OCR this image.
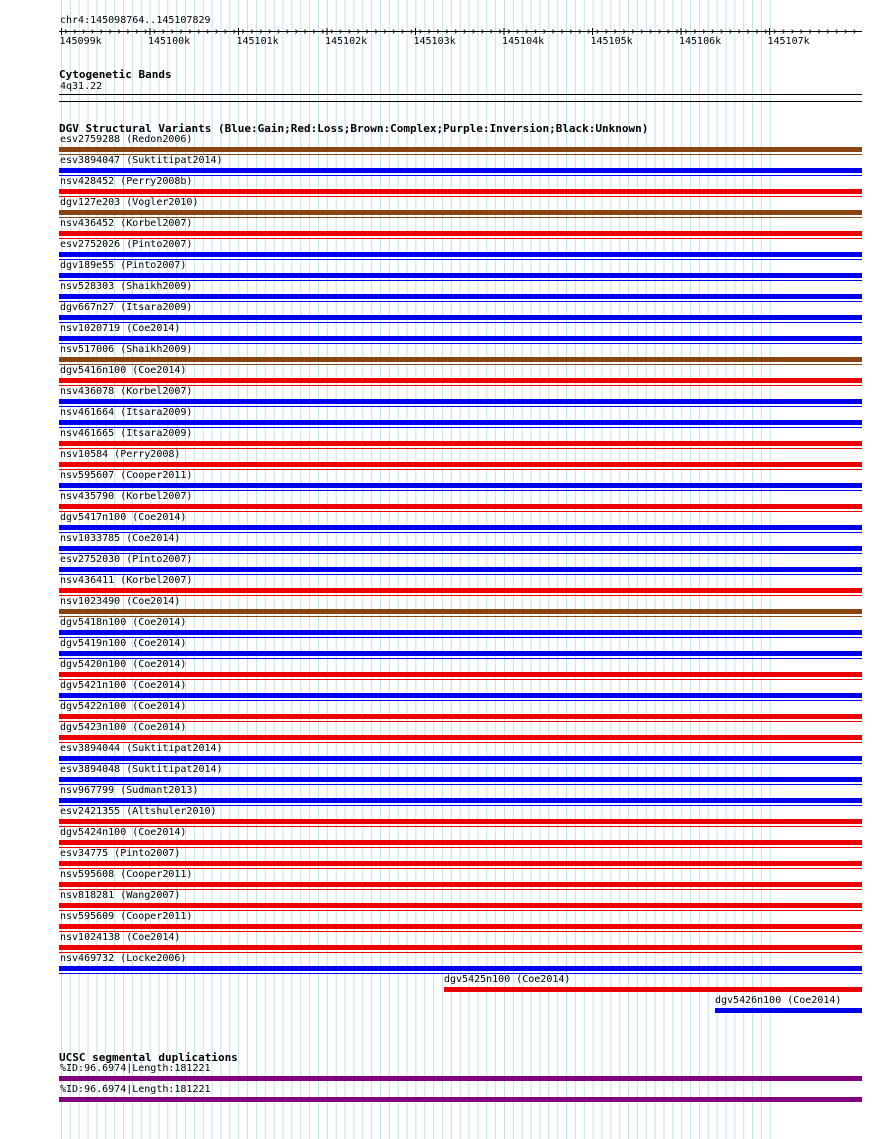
chr4:145098764..145107829
145099k	145100k	145101k	145102k	145103k	145104k	145105k	145106k	145107k
Cytogenetic Bands
4q31.22
DGV Structural Variants (Blue:Gain;Red:Loss;Brown:Complex;Purple:Inversion;Black:Unknown)
esv2759288 (Redon2006)
esv3894047 (Suktitipat2014)
nsv428452 (Perry2008b)
dgv127e203 (Vogler2010)
nsv436452 (Korbel2007)
esv2752026 (Pinto2007)
dgv189e55 (Pinto2007)
nsv528303 (Shaikh2009)
dgv667n27 (Itsara2009)
nsv1020719 (Coe2014)
nsv517006 (Shaikh2009)
dgv5416n100 (Coe2014)
nsv436078 (Korbel2007)
nsv461664 (Itsara2009)
nsv461665 (Itsara2009)
nsv10584 (Perry2008)
nsv595607 (Cooper2011)
nsv435790 (Korbel2007)
dgv5417n100 (Coe2014)
nsv1033785 (Coe2014)
esv2752030 (Pinto2007)
nsv436411 (Korbel2007)
nsv1023490 (Coe2014)
dgv5418n100 (Coe2014)
dgv5419n100 (Coe2014)
dgv5420n100 (Coe2014)
dgv5421n100 (Coe2014)
dgv5422n100 (Coe2014)
dgv5423n100 (Coe2014)
esv3894044 (Suktitipat2014)
esv3894048 (Suktitipat2014)
nsv967799 (Sudmant2013)
esv2421355 (Altshuler2010)
dgv5424n100 (Coe2014)
esv34775 (Pinto2007)
nsv595608 (Cooper2011)
nsv818281 (Wang2007)
nsv595609 (Cooper2011)
nsv1024138 (Coe2014)
nsv469732 (Locke2006)
dgv5425n100 (Coe2014)
dgv5426n100 (Coe2014)
UCSC segmental duplications
%ID:96.6974|Length:181221
%ID:96.6974|Length:181221
